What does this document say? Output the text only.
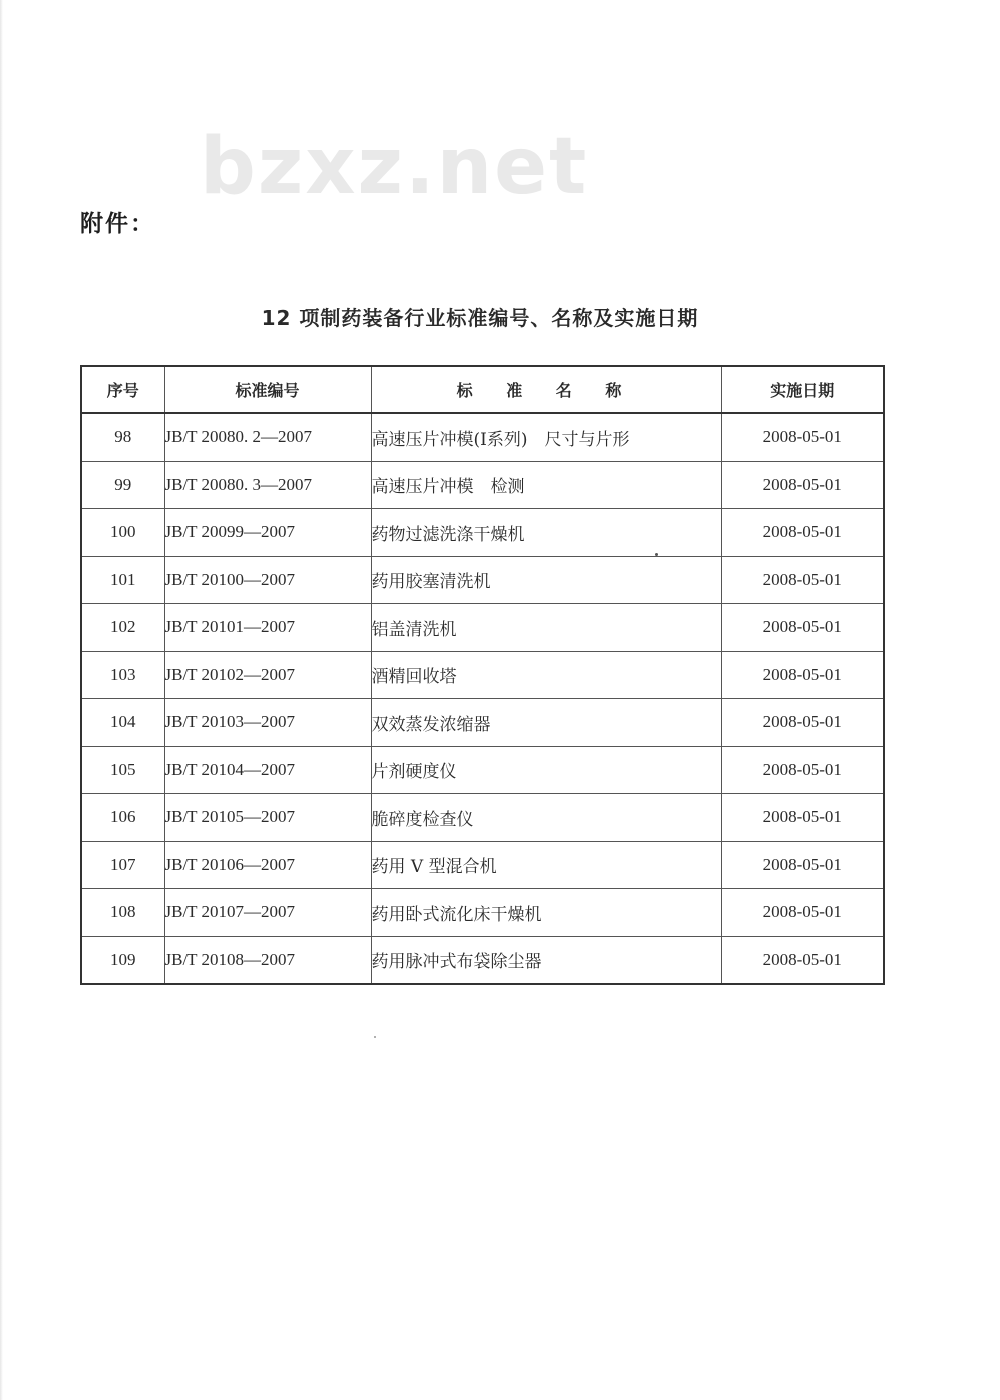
bzxz.net
附件：
12 项制药装备行业标准编号、名称及实施日期
序号	标准编号	标 准 名 称	实施日期
98	JB/T 20080. 2—2007	高速压片冲模(Ⅰ系列)　尺寸与片形	2008-05-01
99	JB/T 20080. 3—2007	高速压片冲模　检测	2008-05-01
100	JB/T 20099—2007	药物过滤洗涤干燥机	2008-05-01
101	JB/T 20100—2007	药用胶塞清洗机	2008-05-01
102	JB/T 20101—2007	铝盖清洗机	2008-05-01
103	JB/T 20102—2007	酒精回收塔	2008-05-01
104	JB/T 20103—2007	双效蒸发浓缩器	2008-05-01
105	JB/T 20104—2007	片剂硬度仪	2008-05-01
106	JB/T 20105—2007	脆碎度检查仪	2008-05-01
107	JB/T 20106—2007	药用 V 型混合机	2008-05-01
108	JB/T 20107—2007	药用卧式流化床干燥机	2008-05-01
109	JB/T 20108—2007	药用脉冲式布袋除尘器	2008-05-01
